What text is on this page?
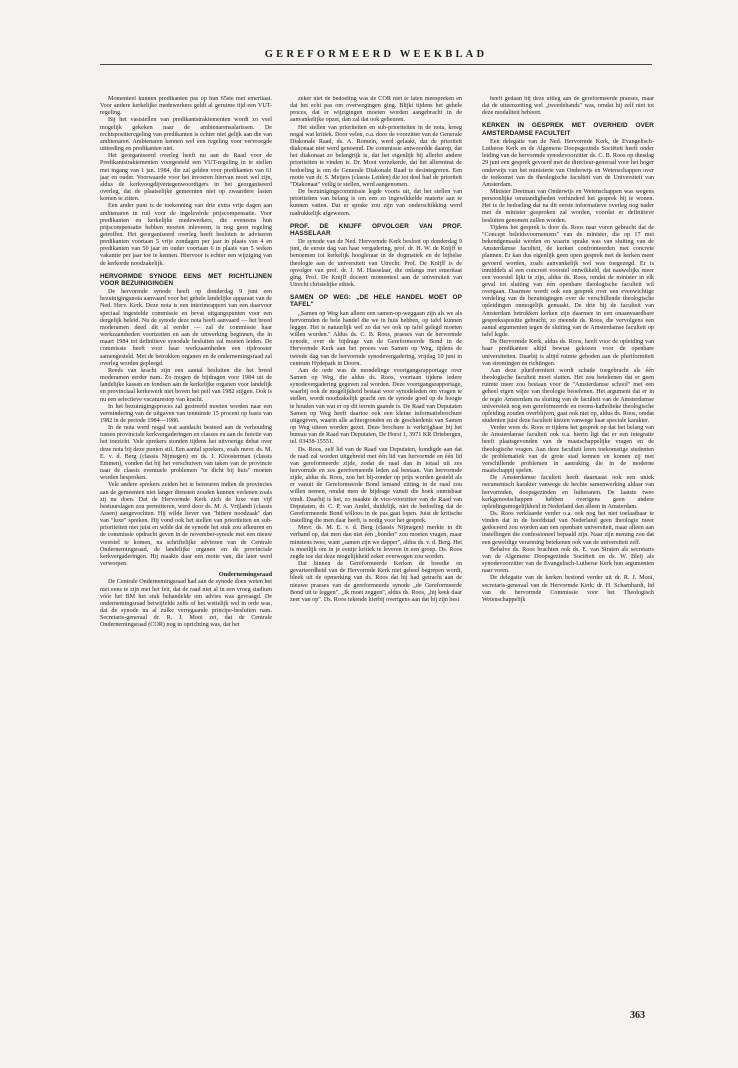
GEREFORMEERD WEEKBLAD

Momenteel kunnen predikanten pas op hun 65ste met emeritaat. Voor andere kerkelijke medewerkers geldt al geruime tijd een VUT-regeling.

Bij het vaststellen van predikantstraktementen wordt zo veel mogelijk gekeken naar de ambtenarensalarissen. De rechtspositieregeling van predikanten is echter niet gelijk aan die van ambtenaren. Ambtenaren kennen wel een regeling voor vervroegde uittreding en predikanten niet.

Het georganiseerd overleg heeft nu aan de Raad voor de Predikantstraktementen voorgesteld een VUT-regeling in te stellen met ingang van 1 jan. 1984, die zal gelden voor predikanten van 61 jaar en ouder. Voorwaarde voor het invoeren hiervan moet wel zijn, aldus de kerkvoogdijvertegenwoordigers in het georganiseerd overleg, dat de plaatselijke gemeenten niet op zwaardere lasten komen te zitten.

Een ander punt is de toekenning van drie extra vrije dagen aan ambtenaren in ruil voor de ingelevérde prijscompensatie. Voor predikanten en kerkelijke medewerkers, die eveneens hun prijscompensatie hebben moeten inleveren, is nog geen regeling getroffen. Het georganiseerd overleg heeft besloten te adviseren predikanten voortaan 5 vrije zondagen per jaar in plaats van 4 en predikanten van 50 jaar en ouder voortaan 6 in plaats van 5 weken vakantie per jaar toe te kennen. Hiervoor is echter een wijziging van de kerkorde noodzakelijk.

HERVORMDE SYNODE EENS MET RICHTLIJNEN VOOR BEZUINIGINGEN

De hervormde synode heeft op donderdag 9 juni een bezuinigingsnota aanvaard voor het gehele landelijke apparaat van de Ned. Herv. Kerk. Deze nota is een interimrapport van een daarvoor speciaal ingestelde commissie en bevat uitgangspunten voor een dergelijk beleid. Nu de synode deze nota heeft aanvaard — het breed moderamen deed dit al eerder — zal de commissie haar werkzaamheden voortzetten en aan de uitwerking beginnen, die in maart 1984 tot definitieve synodale besluiten zal moeten leiden. De commissie heeft voor haar werkzaamheden een tijdrooster samengesteld. Met de betrokken organen en de ondernemingsraad zal overleg worden gepleegd.

Reeds van kracht zijn een aantal besluiten die het breed moderamen eerder nam. Zo mogen de bijdragen voor 1984 uit de landelijke kassen en fondsen aan de kerkelijke organen voor landelijk en provinciaal kerkewerk niet boven het peil van 1982 stijgen. Ook is nu een selectieve vacaturestop van kracht.

In het bezuinigingsproces zal gestreefd moeten worden naar een vermindering van de uitgaven van tenminste 15 procent op basis van 1982 in de periode 1984—1986.

In de nota werd nogal wat aandacht besteed aan de verhouding tussen provinciale kerkvergaderingen en classes en aan de functie van het toezicht. Vele sprekers stonden tijdens het uitvoerige debat over deze nota bij deze punten stil. Een aantal sprekers, zoals mevr. ds. M. E. v. d. Berg (classis Nijmegen) en ds. J. Kloosterman (classis Emmen), vonden dat bij het verschuiven van taken van de provincie naar de classis eventuele problemen "te dicht bij huis" moeten worden besproken.

Vele andere sprekers zeiden het te betreuren indien de provincies aan de gemeenten niet langer diensten zouden kunnen verlenen zoals zij nu doen. Dat de Hervormde Kerk zich de luxe van vijf bestuurslagen zou permitteren, werd door ds. M. A. Vrijlandt (classis Assen) aangevochten. Hij wilde liever van "bittere noodzaak" dan van "luxe" spreken. Hij vond ook het stellen van prioriteiten en sub-prioriteiten niet juist en wilde dat de synode het stuk zou afkeuren en de commissie opdracht geven in de november-synode met een nieuw voorstel te komen, na schriftelijke adviezen van de Centrale Ondernemingsraad, de landelijke organen en de provinciale kerkvergaderingen. Hij maakte daar een motie van, die later werd verworpen.

Ondernemingsraad

De Centrale Ondernemingsraad had aan de synode doen weten het niet eens te zijn met het feit, dat de raad niet al in een vroeg stadium vóór het BM het stuk behandelde om advies was gevraagd. De ondernemingsraad betwijfelde zelfs of het wettelijk wel in orde was, dat de synode nu al zulke verregaande principe-besluiten nam. Secretaris-generaal dr. R. J. Mooi zei, dat de Centrale Ondernemingsraad (COR) nog in oprichting was, dat het

zeker niet de bedoeling was de COR niet te laten meespreken en dat het echt pas om overwegingen ging. Blijkt tijdens het gehele proces, dat er wijzigingen moeten worden aangebracht in de aanvankelijke opzet, dan zal dat ook gebeuren.

Het stellen van prioriteiten en sub-prioriteiten in de nota, kreeg nogal wat kritiek. Door velen, o.a. door de voorzitter van de Generale Diakonale Raad, ds. A. Romein, werd gelaakt, dat de prioriteit diakonaat niet werd genoemd. De commissie antwoordde daarop, dat het diakonaat zo belangrijk is, dat het eigenlijk bij allerlei andere prioriteiten te vinden is. Dr. Mooi verzekerde, dat het allerminst de bedoeling is om de Generale Diakonale Raad te desintegreren. Een motie van dr. S. Meijers (classis Leiden) die tot doel had de prioriteit "Diakonaat" veilig te stellen, werd aangenomen.

De bezuinigingscommissie legde voorts uit, dat het stellen van prioriteiten van belang is om een zo ingewikkelde materie aan te kunnen vatten. Dat er sprake zou zijn van onderschikking werd nadrukkelijk afgewezen.

PROF. DE KNIJFF OPVOLGER VAN PROF. HASSELAAR

De synode van de Ned. Hervormde Kerk besloot op donderdag 9 juni, de eerste dag van haar vergadering, prof. dr. H. W. de Knijff te benoemen tot kerkelijk hoogleraar in de dogmatiek en de bijbelse theologie aan de universiteit van Utrecht. Prof. De Knijff is de opvolger van prof. dr. J. M. Hasselaar, die onlangs met emeritaat ging. Prof. De Knijff doceert momenteel aan de universiteit van Utrecht christelijke ethiek.

SAMEN OP WEG: „DE HELE HANDEL MOET OP TAFEL"

„Samen op Weg kan alleen een samen-op-weggaan zijn als we als hervormden de hele handel die we in huis hebben, op tafel kunnen leggen. Het is natuurlijk wel zo dat we ook op tafel gelegd moeten willen worden." Aldus ds. C. B. Roos, praeses van de hervormde synode, over de bijdrage van de Gereformeerde Bond in de Hervormde Kerk aan het proces van Samen op Weg, tijdens de tweede dag van de hervormde synodevergadering, vrijdag 10 juni in centrum Hydepark in Doorn.

Aan de orde was de mondelinge voortgangsrapportage over Samen op Weg, die aldus ds. Roos, voortaan tijdens iedere synodevergadering gegeven zal worden. Deze voortgangsrapportage, waarbij ook de mogelijkheid bestaat voor synodeleden om vragen te stellen, wordt noodzakelijk geacht om de synode goed op de hoogte te houden van wat er op dit terrein gaande is. De Raad van Deputaten Samen op Weg heeft daartoe ook een kleine informatiebrochure uitgegeven, waarin alle achtergronden en de geschiedenis van Samen op Weg uiteen worden gezet. Deze brochure is verkrijgbaar bij het bureau van de Raad van Deputaten, De Horst 1, 3971 KR Driebergen, tel. 03438-15551.

Ds. Roos, zelf lid van de Raad van Deputaten, kondigde aan dat de raad zal worden uitgebreid met één lid van hervormde en één lid van gereformeerde zijde, zodat de raad dan in totaal uit zes hervormde en zes gereformeerde leden zal bestaan. Van hervormde zijde, aldus ds. Roos, zou het bij-zonder op prijs worden gesteld als er vanuit de Gereformeerde Bond iemand zitting in de raad zou willen nemen, omdat men de bijdrage vanuit die hoek onmisbaar vindt. Daarbij is het, zo maakte de vice-voorzitter van de Raad van Deputaten, dr. C. P. van Andel, duidelijk, niet de bedoeling dat de Gereformeerde Bond willoos in de pas gaat lopen. Juist de kritische instelling die men daar heeft, is nodig voor het gesprek.

Mevr. ds. M. E. v. d. Berg (classis Nijmegen) merkte in dit verband op, dat men dan niet één „bonder" zou moeten vragen, maar minstens twee, want „samen zijn we dapper", aldus ds. v. d. Berg. Het is moeilijk om in je eentje kritiek te leveren in een groep. Ds. Roos zegde toe dat deze mogelijkheid zeker overwogen zou worden.

Dat binnen de Gereformeerde Kerken de breedte en gevarieerdheid van de Hervormde Kerk niet geheel begrepen wordt, bleek uit de opmerking van ds. Roos dat hij had getracht aan de nieuwe praeses van de gereformeerde synode „de Gereformeerde Bond uit te leggen". „Ik moet zeggen", aldus ds. Roos, „hij keek daar zeer van op". Ds. Roos tekende hierbij overigens aan dat hij zijn best

heeft gedaan bij deze uitleg aan de gereformeerde praeses, maar dat de uiteenzetting wel „tweedehands" was, omdat hij zelf niet tot deze modaliteit behoort.

KERKEN IN GESPREK MET OVERHEID OVER AMSTERDAMSE FACULTEIT

Een delegatie van de Ned. Hervormde Kerk, de Evangelisch-Lutherse Kerk en de Algemene Doopsgezinde Sociëteit heeft onder leiding van de hervormde synodevoorzitter ds. C. B. Roos op dinsdag 29 juni een gesprek gevoerd met de directeur-generaal voor het hoger onderwijs van het ministerie van Onderwijs en Wetenschappen over de toekomst van de theologische faculteit van de Universiteit van Amsterdam.

Minister Deetman van Onderwijs en Wetenschappen was wegens persoonlijke omstandigheden verhinderd het gesprek bij te wonen. Het is de bedoeling dat na dit eerste informatieve overleg nog nader met de minister gesproken zal worden, voordat er definitieve besluiten genomen zullen worden.

Tijdens het gesprek is door ds. Roos naar voren gebracht dat de "Concept beleidsvoornemens" van de minister, die op 17 mei bekendgemaakt werden en waarin sprake was van sluiting van de Amsterdamse faculteit, de kerken confronteerden met concrete plannen. Er kan dus eigenlijk geen open gesprek met de kerken meer gevoerd worden, zoals aanvankelijk wel was toegezegd. Er is inmiddels al een concreet voorstel ontwikkeld, dat nauwelijks meer een voorstel lijkt te zijn, aldus ds. Roos, omdat de minister in elk geval tot sluiting van één openbare theologische faculteit wil overgaan. Daarmee wordt ook een gesprek over een evenwichtige verdeling van de bezuinigingen over de verschillende theologische opleidingen onmogelijk gemaakt. De drie bij de faculteit van Amsterdam betrokken kerken zijn daarmee in een onaanvaardbare gespreksspositie gebracht, zo meende ds. Roos, die vervolgens een aantal argumenten tegen de sluiting van de Amsterdamse faculteit op tafel legde.

De Hervormde Kerk, aldus ds. Roos, heeft voor de opleiding van haar predikanten altijd bewust gekozen voor de openbare universiteiten. Daarbij is altijd ruimte geboden aan de pluriformiteit van stromingen en richtingen.

Aan deze pluriformiteit wordt schade toegebracht als één theologische faculteit moet sluiten. Het zou betekenen dat er geen ruimte meer zou bestaan voor de "Amsterdamse school" met een geheel eigen wijze van theologie beoefenen. Het argument dat er in de regio Amsterdam na sluiting van de faculteit van de Amsterdamse universiteit nog een gereformeerde en rooms-katholieke theologische opleiding zouden overblijven, gaat ook niet op, aldus ds. Roos, omdat studenten juist deze faculteit kiezen vanwege haar speciale karakter.

Verder wees ds. Roos er tijdens het gesprek op dat het belang van de Amsterdamse faculteit ook o.a. hierin ligt dat er een integratie heeft plaatsgevonden van de maatschappelijke vragen en de theologische vragen. Aan deze faculteit leren toekomstige studenten de problematiek van de grote stad kennen en komen zij met verschillende problemen in aanraking die in de moderne maatschappij spelen.

De Amsterdamse faculteit heeft daarnaast ook een uniek oecumenisch karakter vanwege de hechte samenwerking aldaar van hervormden, doopsgezinden en lutheranen. De laatste twee kerkgenootschappen hebben overigens geen andere opleidingsmogelijkheid in Nederland dan alleen in Amsterdam.

Ds. Roos verklaarde verder o.a. ook nog het niet toelaatbaar te vinden dat in de hoofdstad van Nederland geen theologie meer gedoceerd zou worden aan een openbare universiteit, maar alleen aan instellingen die confessioneel bepaald zijn. Naar zijn mening zou dat een geweldige verarming betekenen ook van de universiteit zelf.

Behalve ds. Roos brachten ook ds. E. van Straten als secretaris van de Algemene Doopsgezinde Sociëteit en ds. W. Bleij als synodevoorzitter van de Evangelisch-Lutherse Kerk hun argumenten naar voren.

De delegatie van de kerken bestond verder uit dr. R. J. Mooi, secretaris-generaal van de Hervormde Kerk; dr. H. Schamhardt, lid van de hervormde Commissie voor het Theologisch Wetenschappelijk

363
